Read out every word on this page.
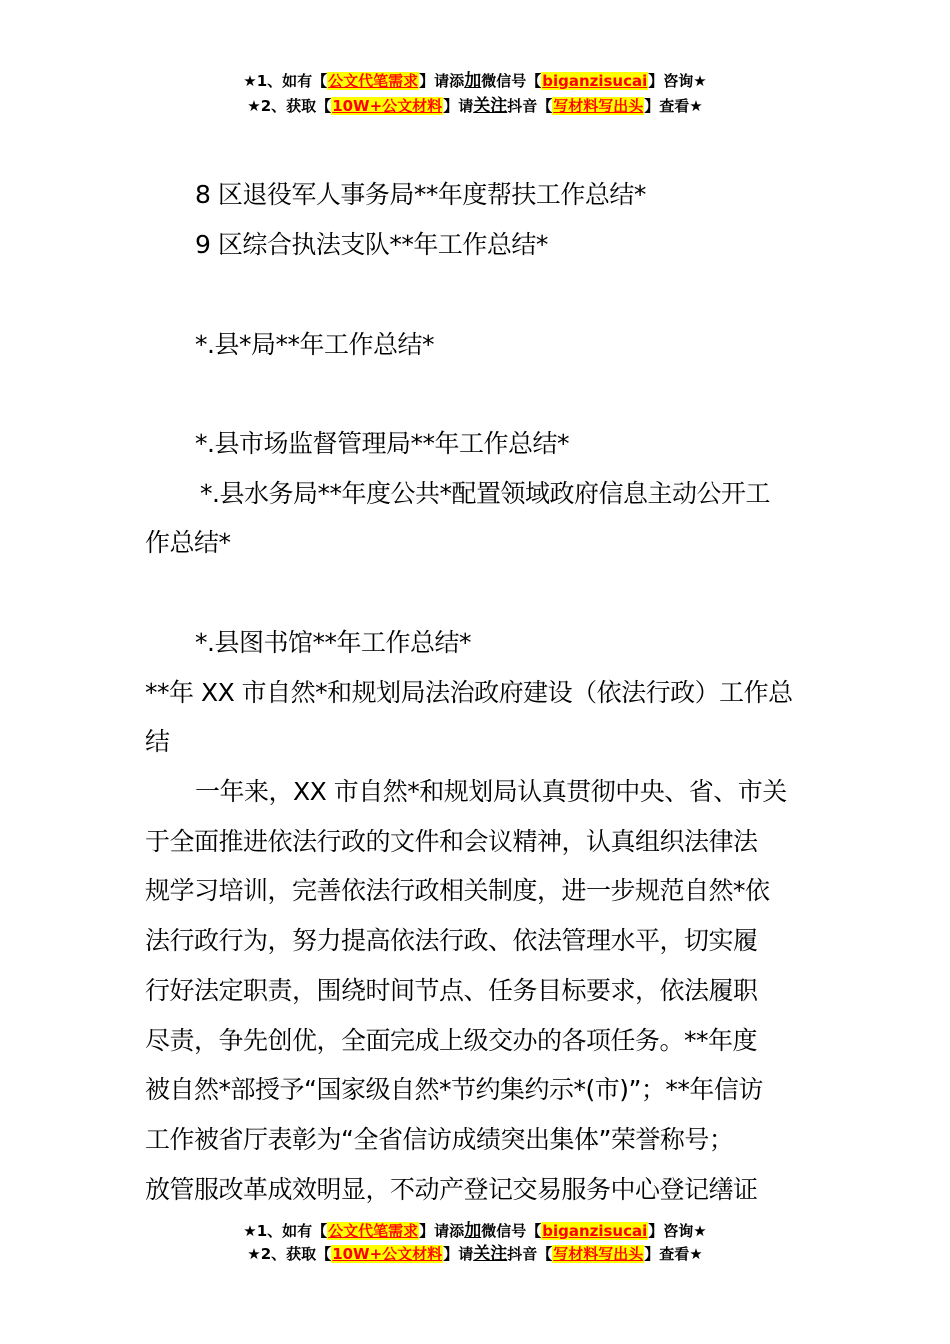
★1、如有【公文代笔需求】请添加微信号【biganzisucai】咨询★
★2、获取【10W+公文材料】请关注抖音【写材料写出头】查看★
8 区退役军人事务局**年度帮扶工作总结*
9 区综合执法支队**年工作总结*
*.县*局**年工作总结*
*.县市场监督管理局**年工作总结*
*.县水务局**年度公共*配置领域政府信息主动公开工
作总结*
*.县图书馆**年工作总结*
**年 XX 市自然*和规划局法治政府建设（依法行政）工作总
结
一年来，XX 市自然*和规划局认真贯彻中央、省、市关
于全面推进依法行政的文件和会议精神，认真组织法律法
规学习培训，完善依法行政相关制度，进一步规范自然*依
法行政行为，努力提高依法行政、依法管理水平，切实履
行好法定职责，围绕时间节点、任务目标要求，依法履职
尽责，争先创优，全面完成上级交办的各项任务。**年度
被自然*部授予“国家级自然*节约集约示*(市)”；**年信访
工作被省厅表彰为“全省信访成绩突出集体”荣誉称号；
放管服改革成效明显，不动产登记交易服务中心登记缮证
★1、如有【公文代笔需求】请添加微信号【biganzisucai】咨询★
★2、获取【10W+公文材料】请关注抖音【写材料写出头】查看★
